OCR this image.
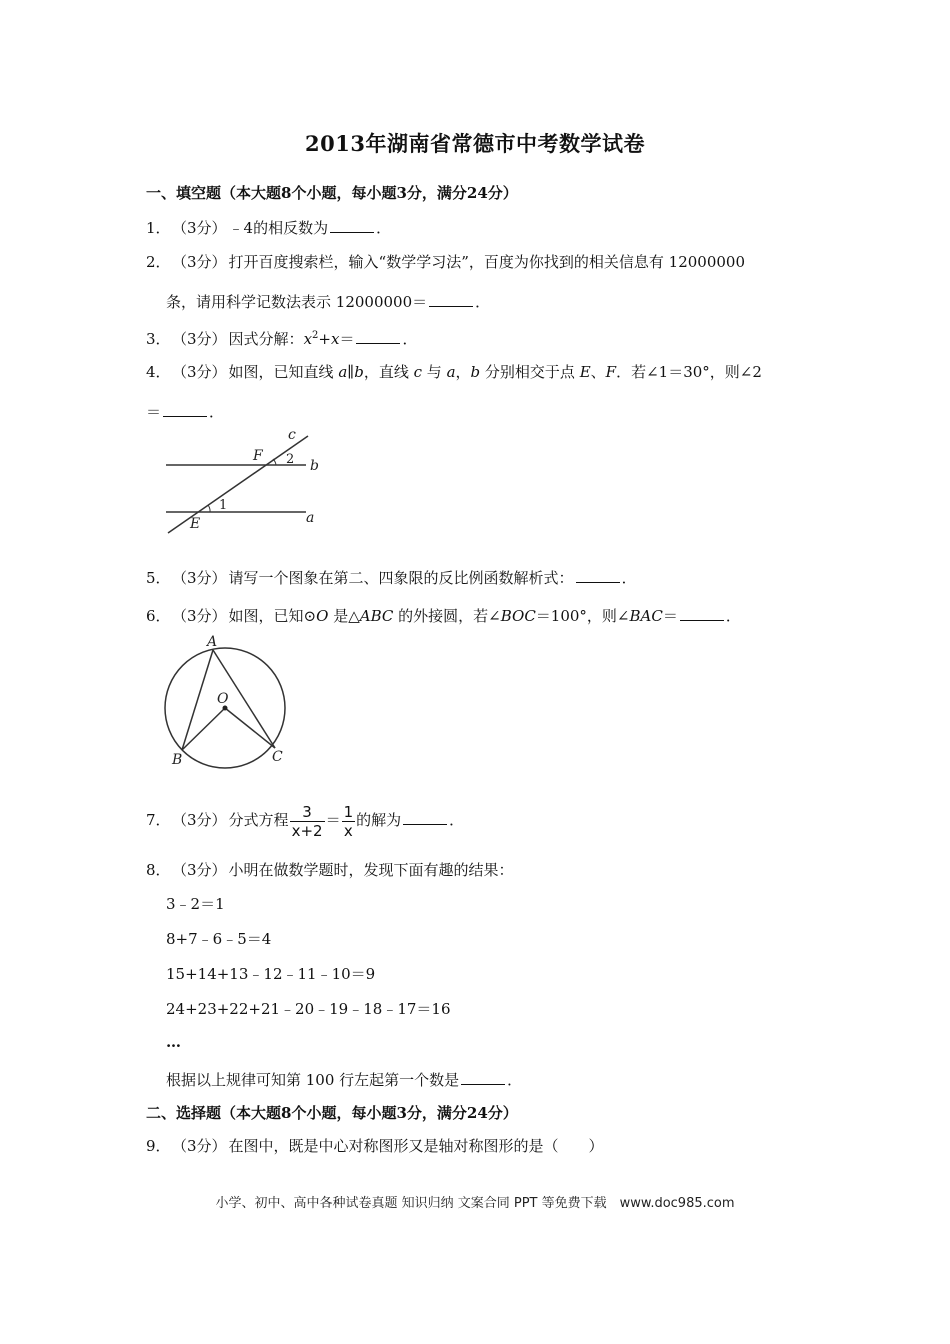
2013年湖南省常德市中考数学试卷
一、填空题（本大题8个小题，每小题3分，满分24分）
1．（3分） ﹣4的相反数为	．
2．（3分） 打开百度搜索栏，输入“数学学习法”，百度为你找到的相关信息有 12000000
条，请用科学记数法表示 12000000＝	．
3．（3分） 因式分解：$x^2+x=$	．
4．（3分） 如图，已知直线 a∥b，直线 c 与 a，b 分别相交于点 E、F．若∠1＝30°，则∠2
＝	．
c
F 2 b
1
E	a
5．（3分） 请写一个图象在第二、四象限的反比例函数解析式：	．
6．（3分） 如图，已知⊙O 是△ABC 的外接圆，若∠BOC＝100°，则∠BAC＝	．
A
O
B	C
7．（3分） 分式方程 $\frac{3}{x+2} = \frac{1}{x}$ 的解为	．
8．（3分） 小明在做数学题时，发现下面有趣的结果：
3﹣2＝1
8+7﹣6﹣5＝4
15+14+13﹣12﹣11﹣10＝9
24+23+22+21﹣20﹣19﹣18﹣17＝16
…
根据以上规律可知第 100 行左起第一个数是	．
二、选择题（本大题8个小题，每小题3分，满分24分）
9．（3分） 在图中，既是中心对称图形又是轴对称图形的是（　　）
小学、初中、高中各种试卷真题 知识归纳 文案合同 PPT 等免费下载　www.doc985.com
